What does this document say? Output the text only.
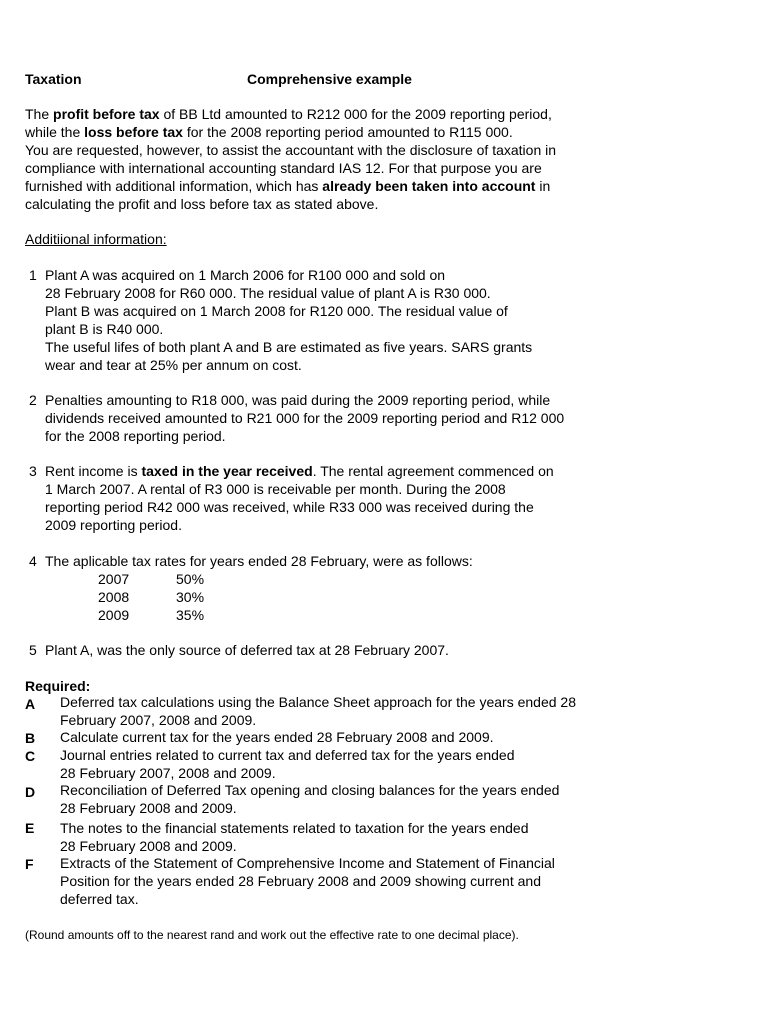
Taxation	Comprehensive example
The profit before tax of BB Ltd amounted to R212 000 for the 2009 reporting period,
while the loss before tax for the 2008 reporting period amounted to R115 000.
You are requested, however, to assist the accountant with the disclosure of taxation in
compliance with international accounting standard IAS 12. For that purpose you are
furnished with additional information, which has already been taken into account in
calculating the profit and loss before tax as stated above.
Additiional information:
1 Plant A was acquired on 1 March 2006 for R100 000 and sold on
28 February 2008 for R60 000. The residual value of plant A is R30 000.
Plant B was acquired on 1 March 2008 for R120 000. The residual value of
plant B is R40 000.
The useful lifes of both plant A and B are estimated as five years. SARS grants
wear and tear at 25% per annum on cost.
2 Penalties amounting to R18 000, was paid during the 2009 reporting period, while
dividends received amounted to R21 000 for the 2009 reporting period and R12 000
for the 2008 reporting period.
3 Rent income is taxed in the year received. The rental agreement commenced on
1 March 2007. A rental of R3 000 is receivable per month. During the 2008
reporting period R42 000 was received, while R33 000 was received during the
2009 reporting period.
4 The aplicable tax rates for years ended 28 February, were as follows:
2007	50%
2008	30%
2009	35%
5 Plant A, was the only source of deferred tax at 28 February 2007.
Required:
A Deferred tax calculations using the Balance Sheet approach for the years ended 28
February 2007, 2008 and 2009.
B Calculate current tax for the years ended 28 February 2008 and 2009.
C Journal entries related to current tax and deferred tax for the years ended
28 February 2007, 2008 and 2009.
D Reconciliation of Deferred Tax opening and closing balances for the years ended
28 February 2008 and 2009.
E The notes to the financial statements related to taxation for the years ended
28 February 2008 and 2009.
F Extracts of the Statement of Comprehensive Income and Statement of Financial
Position for the years ended 28 February 2008 and 2009 showing current and
deferred tax.
(Round amounts off to the nearest rand and work out the effective rate to one decimal place).
